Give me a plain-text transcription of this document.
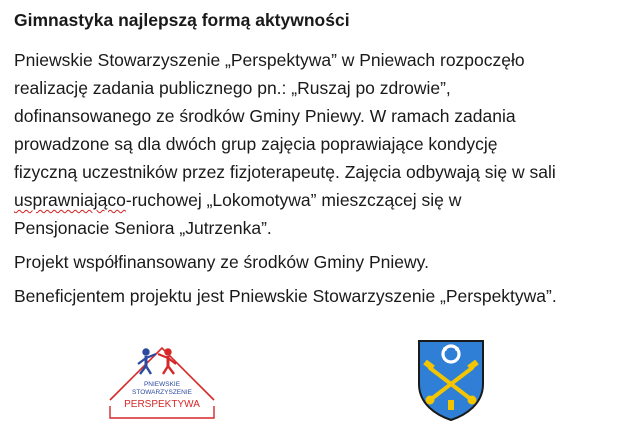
Gimnastyka najlepszą formą aktywności
Pniewskie Stowarzyszenie „Perspektywa” w Pniewach rozpoczęło
realizację zadania publicznego pn.: „Ruszaj po zdrowie”,
dofinansowanego ze środków Gminy Pniewy. W ramach zadania
prowadzone są dla dwóch grup zajęcia poprawiające kondycję
fizyczną uczestników przez fizjoterapeutę. Zajęcia odbywają się w sali
usprawniająco-ruchowej „Lokomotywa” mieszczącej się w
Pensjonacie Seniora „Jutrzenka”.
Projekt współfinansowany ze środków Gminy Pniewy.
Beneficjentem projektu jest Pniewskie Stowarzyszenie „Perspektywa”.
PNIEWSKIE
STOWARZYSZENIE
PERSPEKTYWA
